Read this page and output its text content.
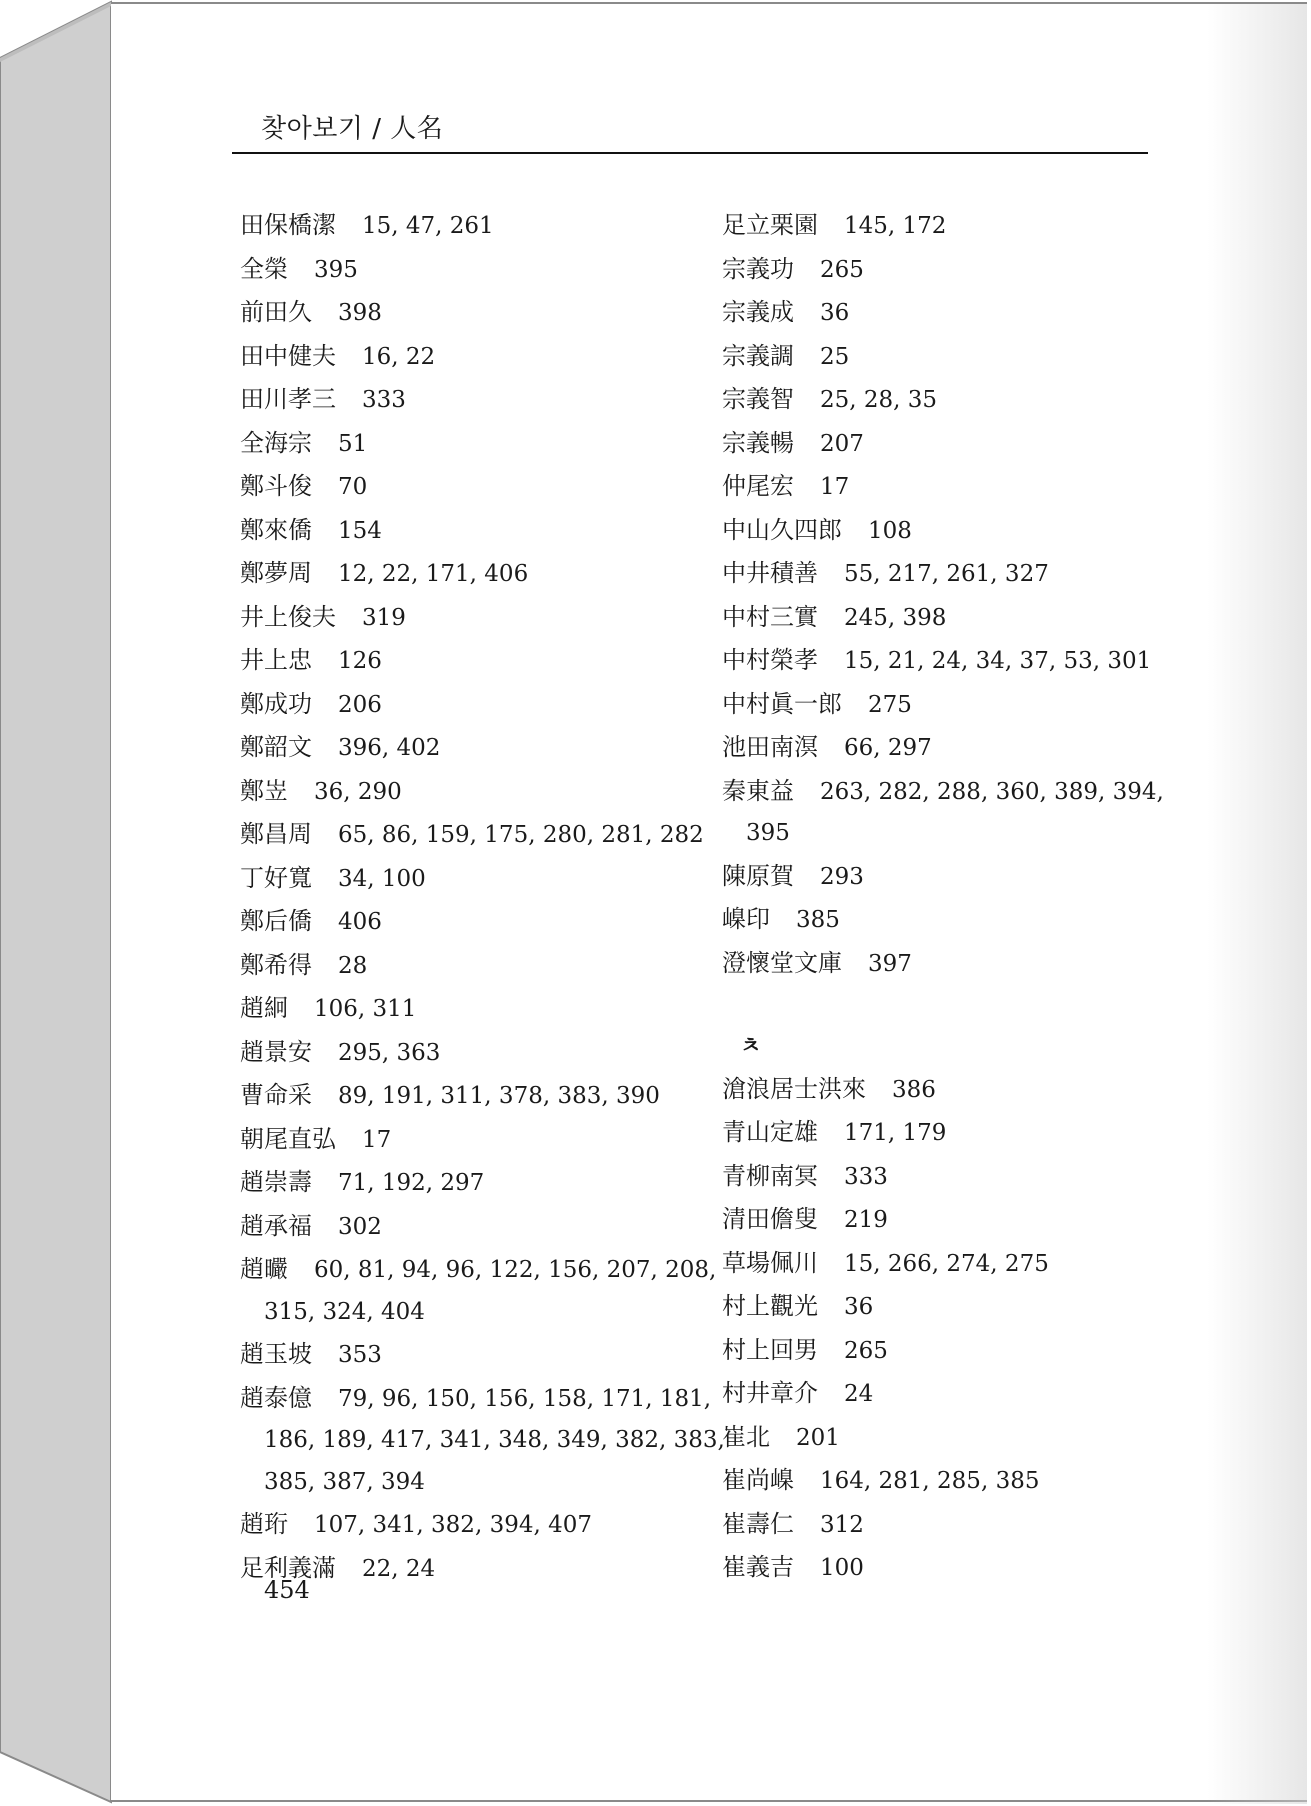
찾아보기 / 人名
田保橋潔 15, 47, 261
全榮 395
前田久 398
田中健夫 16, 22
田川孝三 333
全海宗 51
鄭斗俊 70
鄭來僑 154
鄭夢周 12, 22, 171, 406
井上俊夫 319
井上忠 126
鄭成功 206
鄭韶文 396, 402
鄭岦 36, 290
鄭昌周 65, 86, 159, 175, 280, 281, 282
丁好寬 34, 100
鄭后僑 406
鄭希得 28
趙絅 106, 311
趙景安 295, 363
曹命采 89, 191, 311, 378, 383, 390
朝尾直弘 17
趙崇壽 71, 192, 297
趙承福 302
趙曮 60, 81, 94, 96, 122, 156, 207, 208,
315, 324, 404
趙玉坡 353
趙泰億 79, 96, 150, 156, 158, 171, 181,
186, 189, 417, 341, 348, 349, 382, 383,
385, 387, 394
趙珩 107, 341, 382, 394, 407
足利義滿 22, 24
足立栗園 145, 172
宗義功 265
宗義成 36
宗義調 25
宗義智 25, 28, 35
宗義暢 207
仲尾宏 17
中山久四郎 108
中井積善 55, 217, 261, 327
中村三實 245, 398
中村榮孝 15, 21, 24, 34, 37, 53, 301
中村眞一郎 275
池田南溟 66, 297
秦東益 263, 282, 288, 360, 389, 394,
395
陳原賀 293
嵲印 385
澄懷堂文庫 397
ㅊ
滄浪居士洪來 386
青山定雄 171, 179
青柳南冥 333
清田儋叟 219
草場佩川 15, 266, 274, 275
村上觀光 36
村上回男 265
村井章介 24
崔北 201
崔尚嵲 164, 281, 285, 385
崔壽仁 312
崔義吉 100
454
